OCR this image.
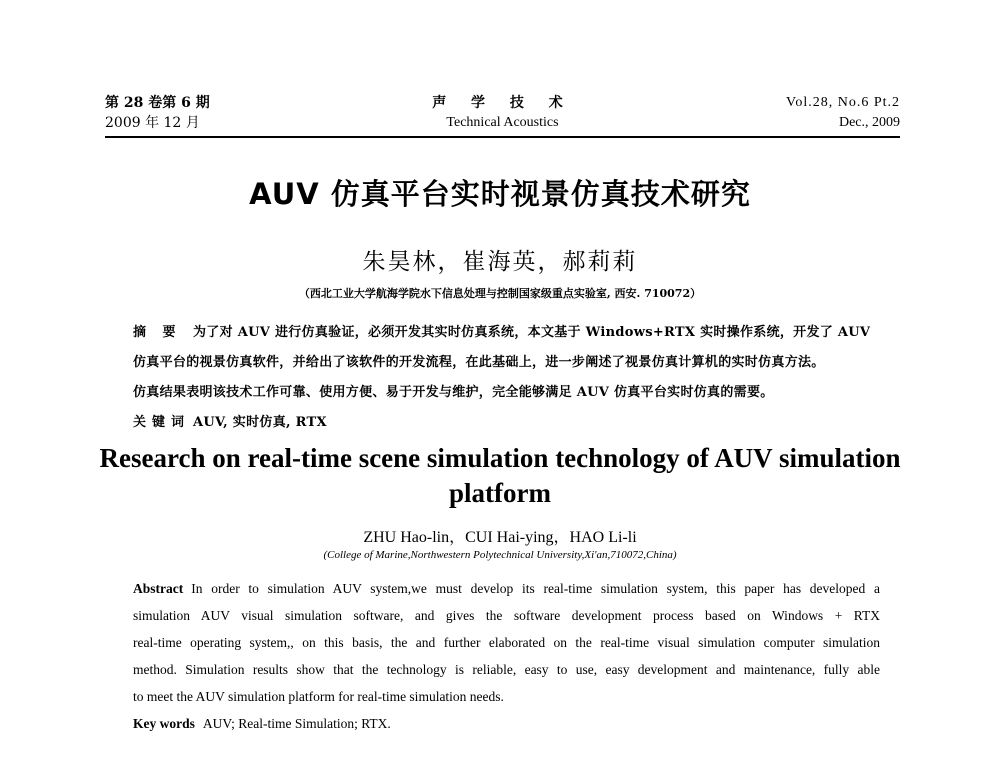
第 28 卷第 6 期
2009 年 12 月
声 学 技 术
Technical Acoustics
Vol.28, No.6 Pt.2
Dec., 2009
AUV 仿真平台实时视景仿真技术研究
朱昊林，崔海英，郝莉莉
（西北工业大学航海学院水下信息处理与控制国家级重点实验室, 西安. 710072）

摘 要 为了对 AUV 进行仿真验证，必须开发其实时仿真系统，本文基于 Windows+RTX 实时操作系统，开发了 AUV

仿真平台的视景仿真软件，并给出了该软件的开发流程，在此基础上，进一步阐述了视景仿真计算机的实时仿真方法。

仿真结果表明该技术工作可靠、使用方便、易于开发与维护，完全能够满足 AUV 仿真平台实时仿真的需要。

关键词 AUV, 实时仿真, RTX

Research on real-time scene simulation technology of AUV simulation platform
ZHU Hao-lin，CUI Hai-ying，HAO Li-li
(College of Marine,Northwestern Polytechnical University,Xi'an,710072,China)

Abstract In order to simulation AUV system,we must develop its real-time simulation system, this paper has developed a

simulation AUV visual simulation software, and gives the software development process based on Windows + RTX

real-time operating system,, on this basis, the and further elaborated on the real-time visual simulation computer simulation

method. Simulation results show that the technology is reliable, easy to use, easy development and maintenance, fully able

to meet the AUV simulation platform for real-time simulation needs.

Key words AUV; Real-time Simulation; RTX.
